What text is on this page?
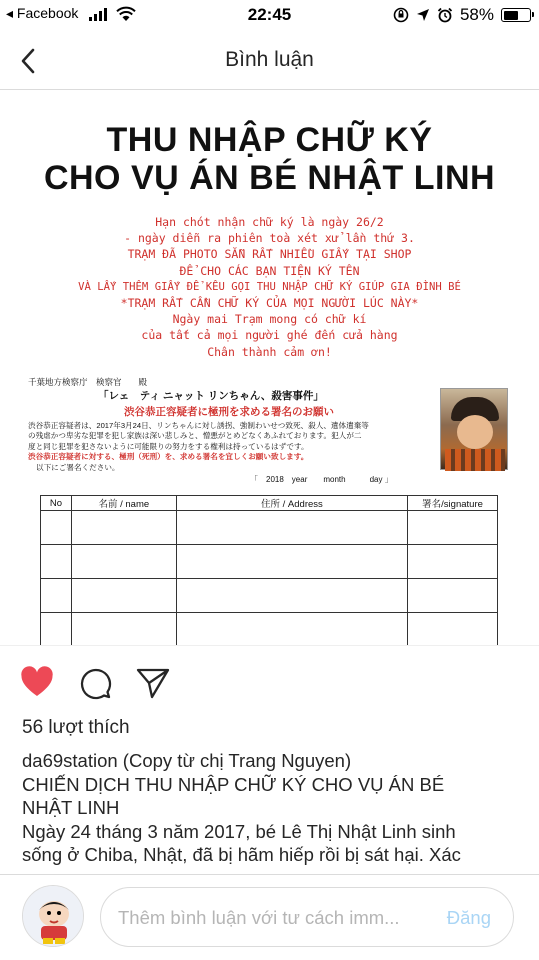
◂ Facebook	22:45	58%
Bình luận
THU NHẬP CHỮ KÝ
CHO VỤ ÁN BÉ NHẬT LINH
Hạn chót nhận chữ ký là ngày 26/2
- ngày diễn ra phiên toà xét xử lần thứ 3.
TRẠM ĐÃ PHOTO SẴN RẤT NHIỀU GIẤY TẠI SHOP
ĐỂ CHO CÁC BẠN TIỆN KÝ TÊN
VÀ LẤY THÊM GIẤY ĐỂ KÊU GỌI THU NHẬP CHỮ KÝ GIÚP GIA ĐÌNH BÉ
*TRẠM RẤT CẦN CHỮ KÝ CỦA MỌI NGƯỜI LÚC NÀY*
Ngày mai Trạm mong có chữ kí
của tất cả mọi người ghé đến cửa hàng
Chân thành cảm ơn!
千葉地方検察庁　検察官　　殿
「レェ　ティ ニャット リンちゃん、殺害事件」
渋谷恭正容疑者に極刑を求める署名のお願い
渋谷恭正容疑者は、2017年3月24日、リンちゃんに対し誘拐、強制わいせつ致死、殺人、遺体遺棄等
の残虐かつ卑劣な犯罪を犯し家族は深い悲しみと、憎悪がとめどなくあふれております。犯人が二
度と同じ犯罪を犯さないように可能限りの努力をする権利は持っているはずです。
渋谷恭正容疑者に対する、極刑（死刑）を、求める署名を宜しくお願い致します。
以下にご署名ください。
「　2018　year　　month　　　day 」
No	名前 / name	住所 / Address	署名/signature

56 lượt thích

da69station (Copy từ chị Trang Nguyen)

CHIẾN DỊCH THU NHẬP CHỮ KÝ CHO VỤ ÁN BÉ

NHẬT LINH

Ngày 24 tháng 3 năm 2017, bé Lê Thị Nhật Linh sinh

sống ở Chiba, Nhật, đã bị hãm hiếp rồi bị sát hại. Xác

Thêm bình luận với tư cách imm...	Đăng
